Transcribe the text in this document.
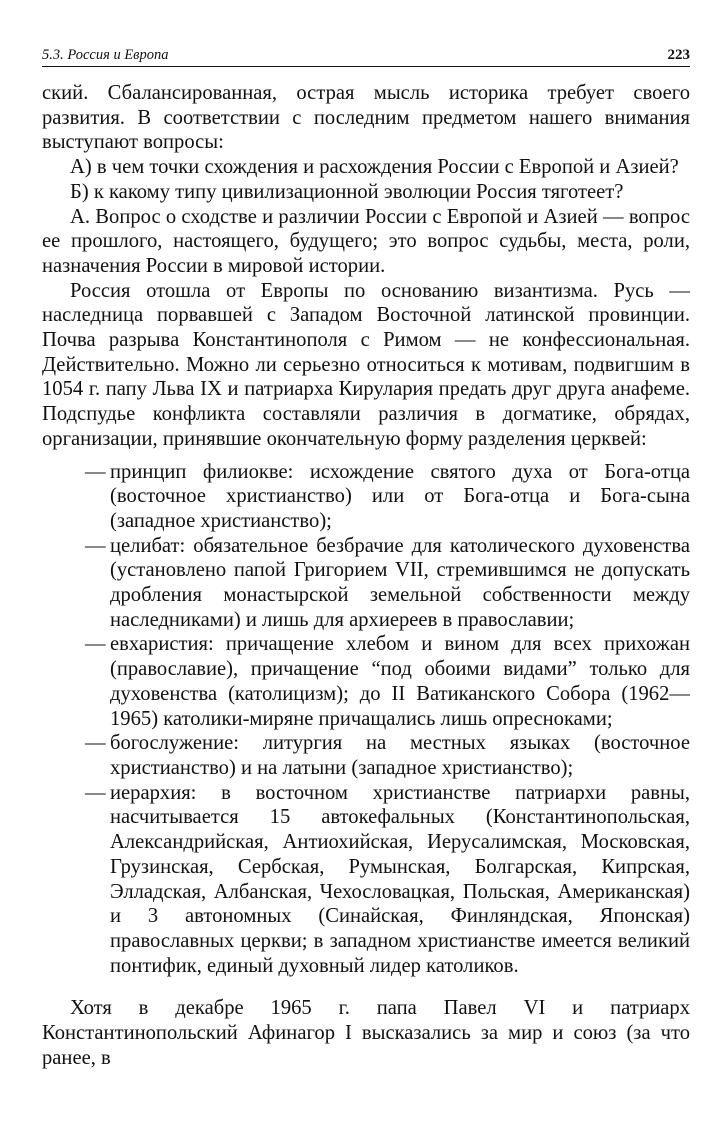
5.3. Россия и Европа	223

ский. Сбалансированная, острая мысль историка требует своего развития. В соответствии с последним предметом нашего внимания выступают вопросы:

А) в чем точки схождения и расхождения России с Европой и Азией?

Б) к какому типу цивилизационной эволюции Россия тяготеет?

А. Вопрос о сходстве и различии России с Европой и Азией — вопрос ее прошлого, настоящего, будущего; это вопрос судьбы, места, роли, назначения России в мировой истории.

Россия отошла от Европы по основанию византизма. Русь — наследница порвавшей с Западом Восточной латинской провинции. Почва разрыва Константинополя с Римом — не конфессиональная. Действительно. Можно ли серьезно относиться к мотивам, подвигшим в 1054 г. папу Льва IX и патриарха Кирулария предать друг друга анафеме. Подспудье конфликта составляли различия в догматике, обрядах, организации, принявшие окончательную форму разделения церквей:

— принцип филиокве: исхождение святого духа от Бога-отца (восточное христианство) или от Бога-отца и Бога-сына (западное христианство);
— целибат: обязательное безбрачие для католического духовенства (установлено папой Григорием VII, стремившимся не допускать дробления монастырской земельной собственности между наследниками) и лишь для архиереев в православии;
— евхаристия: причащение хлебом и вином для всех прихожан (православие), причащение “под обоими видами” только для духовенства (католицизм); до II Ватиканского Собора (1962—1965) католики-миряне причащались лишь опресноками;
— богослужение: литургия на местных языках (восточное христианство) и на латыни (западное христианство);
— иерархия: в восточном христианстве патриархи равны, насчитывается 15 автокефальных (Константинопольская, Александрийская, Антиохийская, Иерусалимская, Московская, Грузинская, Сербская, Румынская, Болгарская, Кипрская, Элладская, Албанская, Чехословацкая, Польская, Американская) и 3 автономных (Синайская, Финляндская, Японская) православных церкви; в западном христианстве имеется великий понтифик, единый духовный лидер католиков.

Хотя в декабре 1965 г. папа Павел VI и патриарх Константинопольский Афинагор I высказались за мир и союз (за что ранее, в
